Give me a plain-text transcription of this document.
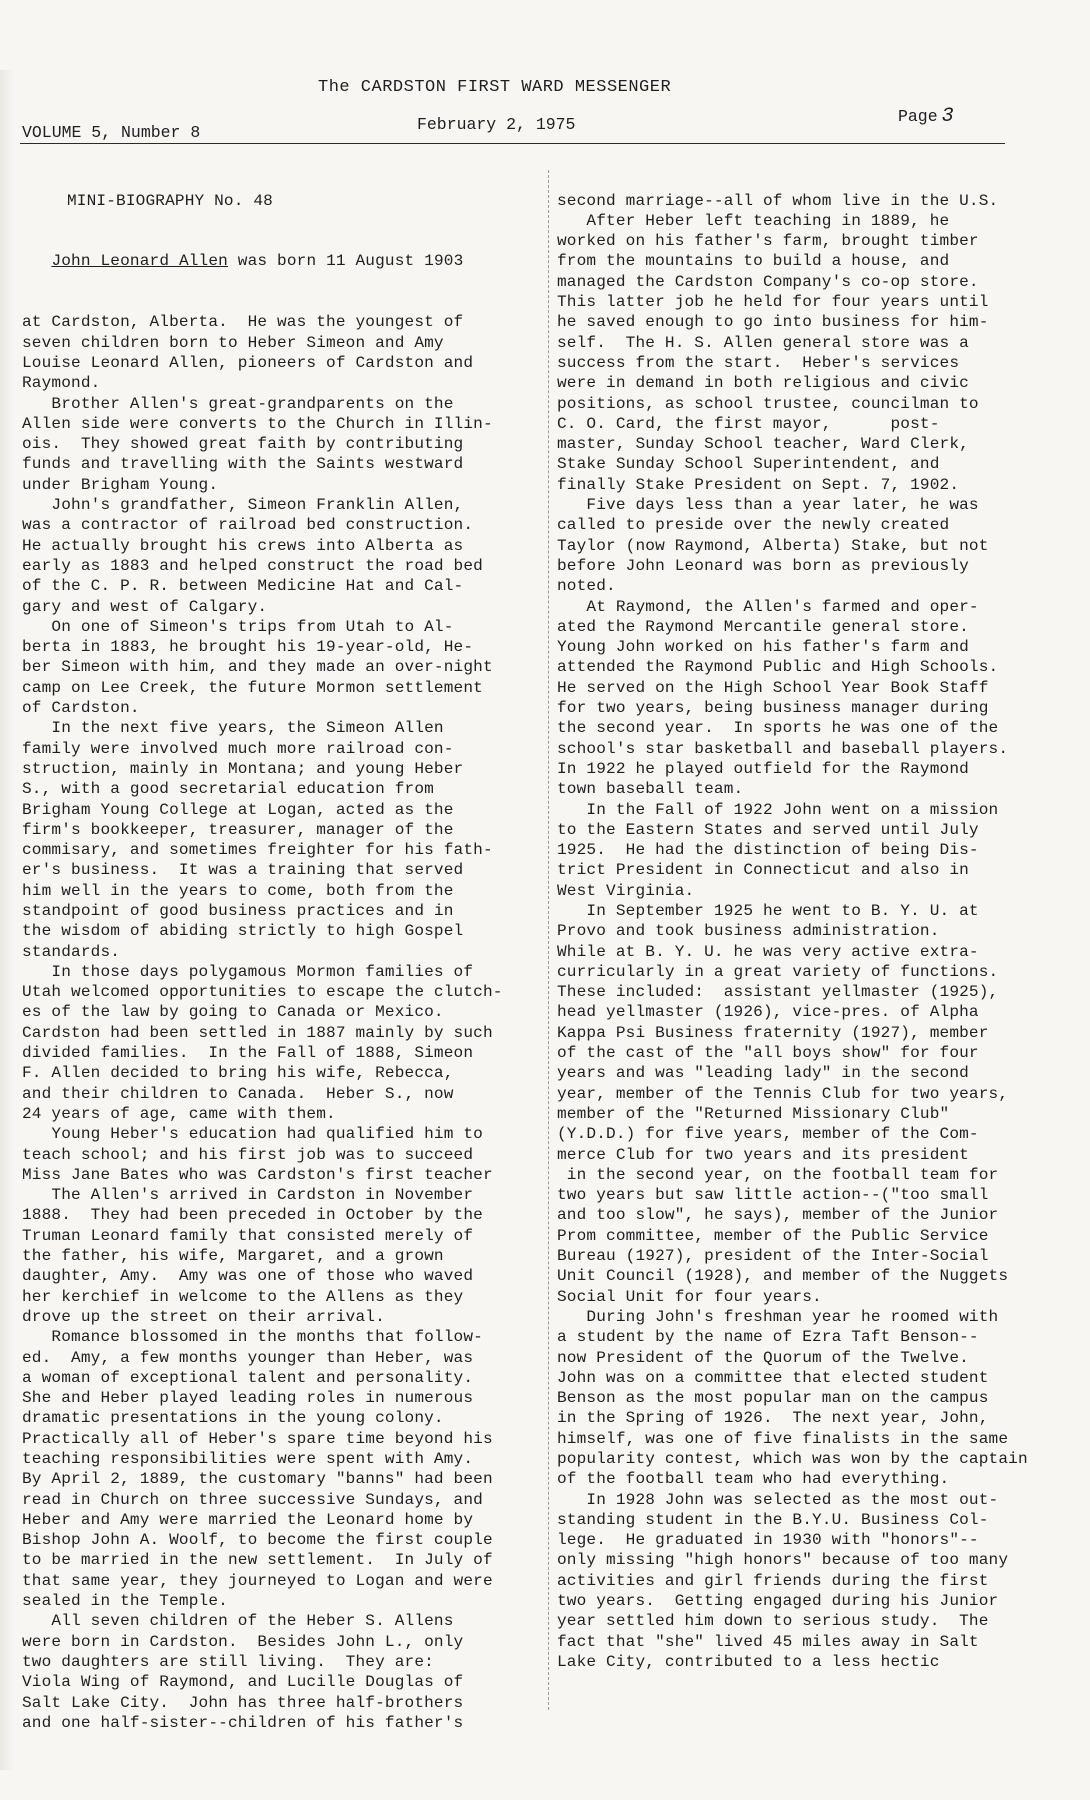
The CARDSTON FIRST WARD MESSENGER
VOLUME 5, Number 8	February 2, 1975	Page 3

MINI-BIOGRAPHY No. 48

John Leonard Allen was born 11 August 1903

at Cardston, Alberta.  He was the youngest of
seven children born to Heber Simeon and Amy
Louise Leonard Allen, pioneers of Cardston and
Raymond.
Brother Allen's great-grandparents on the
Allen side were converts to the Church in Illin-
ois.  They showed great faith by contributing
funds and travelling with the Saints westward
under Brigham Young.
John's grandfather, Simeon Franklin Allen,
was a contractor of railroad bed construction.
He actually brought his crews into Alberta as
early as 1883 and helped construct the road bed
of the C. P. R. between Medicine Hat and Cal-
gary and west of Calgary.
On one of Simeon's trips from Utah to Al-
berta in 1883, he brought his 19-year-old, He-
ber Simeon with him, and they made an over-night
camp on Lee Creek, the future Mormon settlement
of Cardston.
In the next five years, the Simeon Allen
family were involved much more railroad con-
struction, mainly in Montana; and young Heber
S., with a good secretarial education from
Brigham Young College at Logan, acted as the
firm's bookkeeper, treasurer, manager of the
commisary, and sometimes freighter for his fath-
er's business.  It was a training that served
him well in the years to come, both from the
standpoint of good business practices and in
the wisdom of abiding strictly to high Gospel
standards.
In those days polygamous Mormon families of
Utah welcomed opportunities to escape the clutch-
es of the law by going to Canada or Mexico.
Cardston had been settled in 1887 mainly by such
divided families.  In the Fall of 1888, Simeon
F. Allen decided to bring his wife, Rebecca,
and their children to Canada.  Heber S., now
24 years of age, came with them.
Young Heber's education had qualified him to
teach school; and his first job was to succeed
Miss Jane Bates who was Cardston's first teacher
The Allen's arrived in Cardston in November
1888.  They had been preceded in October by the
Truman Leonard family that consisted merely of
the father, his wife, Margaret, and a grown
daughter, Amy.  Amy was one of those who waved
her kerchief in welcome to the Allens as they
drove up the street on their arrival.
Romance blossomed in the months that follow-
ed.  Amy, a few months younger than Heber, was
a woman of exceptional talent and personality.
She and Heber played leading roles in numerous
dramatic presentations in the young colony.
Practically all of Heber's spare time beyond his
teaching responsibilities were spent with Amy.
By April 2, 1889, the customary "banns" had been
read in Church on three successive Sundays, and
Heber and Amy were married the Leonard home by
Bishop John A. Woolf, to become the first couple
to be married in the new settlement.  In July of
that same year, they journeyed to Logan and were
sealed in the Temple.
All seven children of the Heber S. Allens
were born in Cardston.  Besides John L., only
two daughters are still living.  They are:
Viola Wing of Raymond, and Lucille Douglas of
Salt Lake City.  John has three half-brothers
and one half-sister--children of his father's

second marriage--all of whom live in the U.S.
After Heber left teaching in 1889, he
worked on his father's farm, brought timber
from the mountains to build a house, and
managed the Cardston Company's co-op store.
This latter job he held for four years until
he saved enough to go into business for him-
self.  The H. S. Allen general store was a
success from the start.  Heber's services
were in demand in both religious and civic
positions, as school trustee, councilman to
C. O. Card, the first mayor,      post-
master, Sunday School teacher, Ward Clerk,
Stake Sunday School Superintendent, and
finally Stake President on Sept. 7, 1902.
Five days less than a year later, he was
called to preside over the newly created
Taylor (now Raymond, Alberta) Stake, but not
before John Leonard was born as previously
noted.
At Raymond, the Allen's farmed and oper-
ated the Raymond Mercantile general store.
Young John worked on his father's farm and
attended the Raymond Public and High Schools.
He served on the High School Year Book Staff
for two years, being business manager during
the second year.  In sports he was one of the
school's star basketball and baseball players.
In 1922 he played outfield for the Raymond
town baseball team.
In the Fall of 1922 John went on a mission
to the Eastern States and served until July
1925.  He had the distinction of being Dis-
trict President in Connecticut and also in
West Virginia.
In September 1925 he went to B. Y. U. at
Provo and took business administration.
While at B. Y. U. he was very active extra-
curricularly in a great variety of functions.
These included:  assistant yellmaster (1925),
head yellmaster (1926), vice-pres. of Alpha
Kappa Psi Business fraternity (1927), member
of the cast of the "all boys show" for four
years and was "leading lady" in the second
year, member of the Tennis Club for two years,
member of the "Returned Missionary Club"
(Y.D.D.) for five years, member of the Com-
merce Club for two years and its president
in the second year, on the football team for
two years but saw little action--("too small
and too slow", he says), member of the Junior
Prom committee, member of the Public Service
Bureau (1927), president of the Inter-Social
Unit Council (1928), and member of the Nuggets
Social Unit for four years.
During John's freshman year he roomed with
a student by the name of Ezra Taft Benson--
now President of the Quorum of the Twelve.
John was on a committee that elected student
Benson as the most popular man on the campus
in the Spring of 1926.  The next year, John,
himself, was one of five finalists in the same
popularity contest, which was won by the captain
of the football team who had everything.
In 1928 John was selected as the most out-
standing student in the B.Y.U. Business Col-
lege.  He graduated in 1930 with "honors"--
only missing "high honors" because of too many
activities and girl friends during the first
two years.  Getting engaged during his Junior
year settled him down to serious study.  The
fact that "she" lived 45 miles away in Salt
Lake City, contributed to a less hectic
